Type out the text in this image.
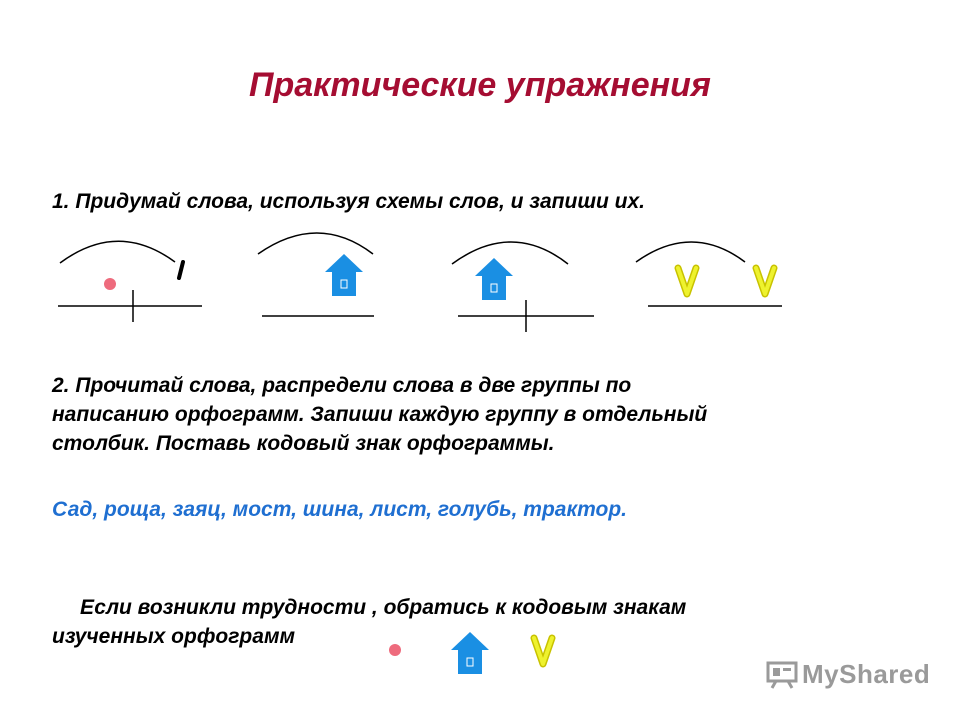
Практические упражнения
1. Придумай слова, используя схемы слов, и запиши их.
2. Прочитай слова, распредели слова в две группы по
написанию орфограмм. Запиши каждую группу в отдельный
столбик. Поставь кодовый знак орфограммы.
Сад, роща, заяц, мост, шина, лист, голубь, трактор.
Если возникли трудности , обратись к кодовым знакам
изученных орфограмм
MyShared
